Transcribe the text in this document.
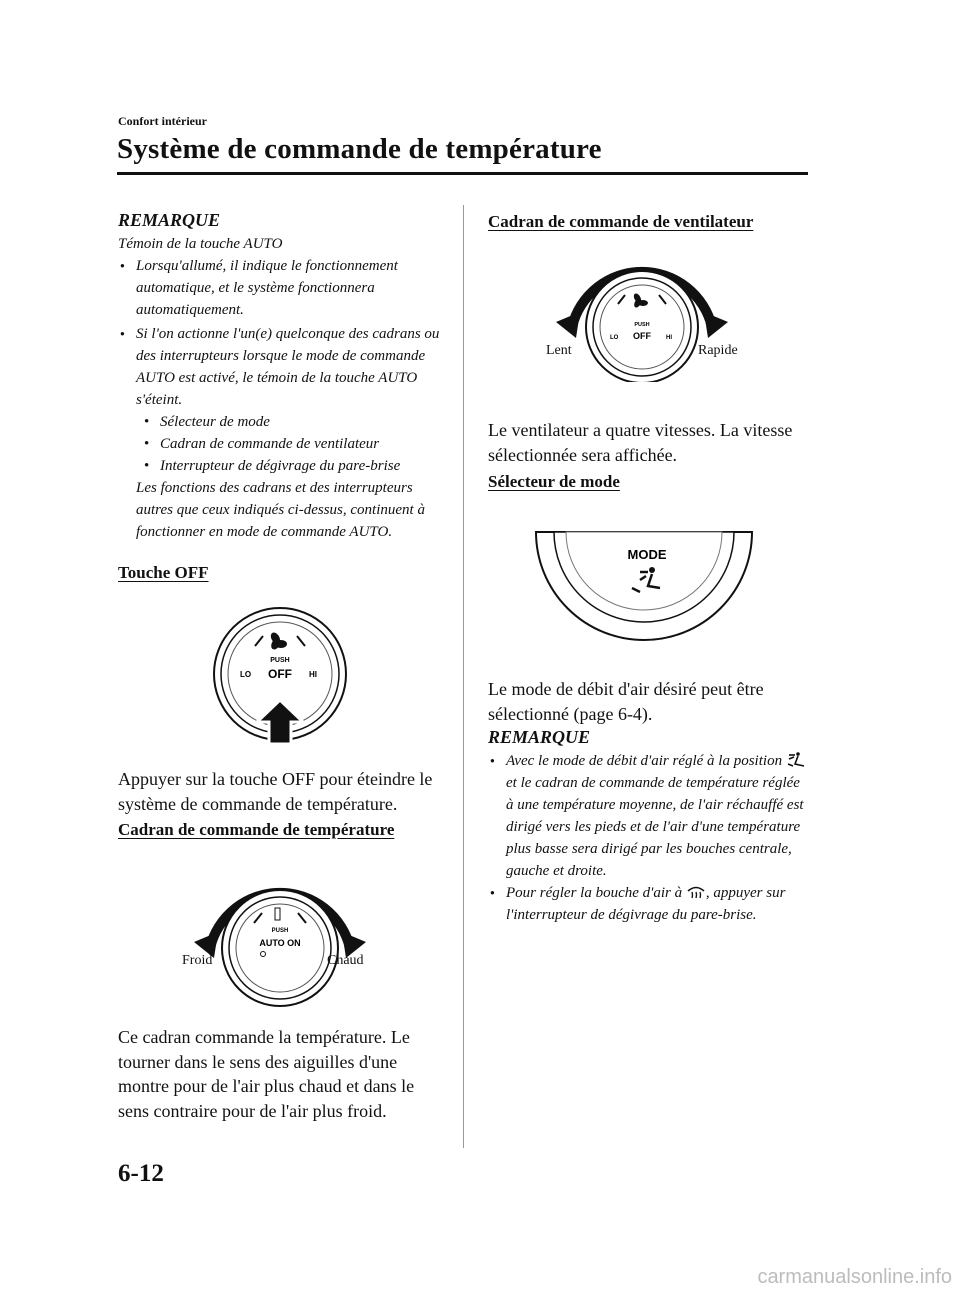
Confort intérieur
Système de commande de température
REMARQUE
Témoin de la touche AUTO
● Lorsqu'allumé, il indique le fonctionnement automatique, et le système fonctionnera automatiquement.
● Si l'on actionne l'un(e) quelconque des cadrans ou des interrupteurs lorsque le mode de commande AUTO est activé, le témoin de la touche AUTO s'éteint.
• Sélecteur de mode
• Cadran de commande de ventilateur
• Interrupteur de dégivrage du pare-brise
Les fonctions des cadrans et des interrupteurs autres que ceux indiqués ci-dessus, continuent à fonctionner en mode de commande AUTO.
Touche OFF
LO	HI
PUSH
OFF
Appuyer sur la touche OFF pour éteindre le système de commande de température.
Cadran de commande de température
PUSH
AUTO ON
Froid	Chaud
Ce cadran commande la température. Le tourner dans le sens des aiguilles d'une montre pour de l'air plus chaud et dans le sens contraire pour de l'air plus froid.
Cadran de commande de ventilateur
LO	HI
PUSH
OFF
Lent	Rapide
Le ventilateur a quatre vitesses. La vitesse sélectionnée sera affichée.
Sélecteur de mode
MODE
Le mode de débit d'air désiré peut être sélectionné (page 6-4).
REMARQUE
● Avec le mode de débit d'air réglé à la position  et le cadran de commande de température réglée à une température moyenne, de l'air réchauffé est dirigé vers les pieds et de l'air d'une température plus basse sera dirigé par les bouches centrale, gauche et droite.
● Pour régler la bouche d'air à , appuyer sur l'interrupteur de dégivrage du pare-brise.
6-12
carmanualsonline.info
